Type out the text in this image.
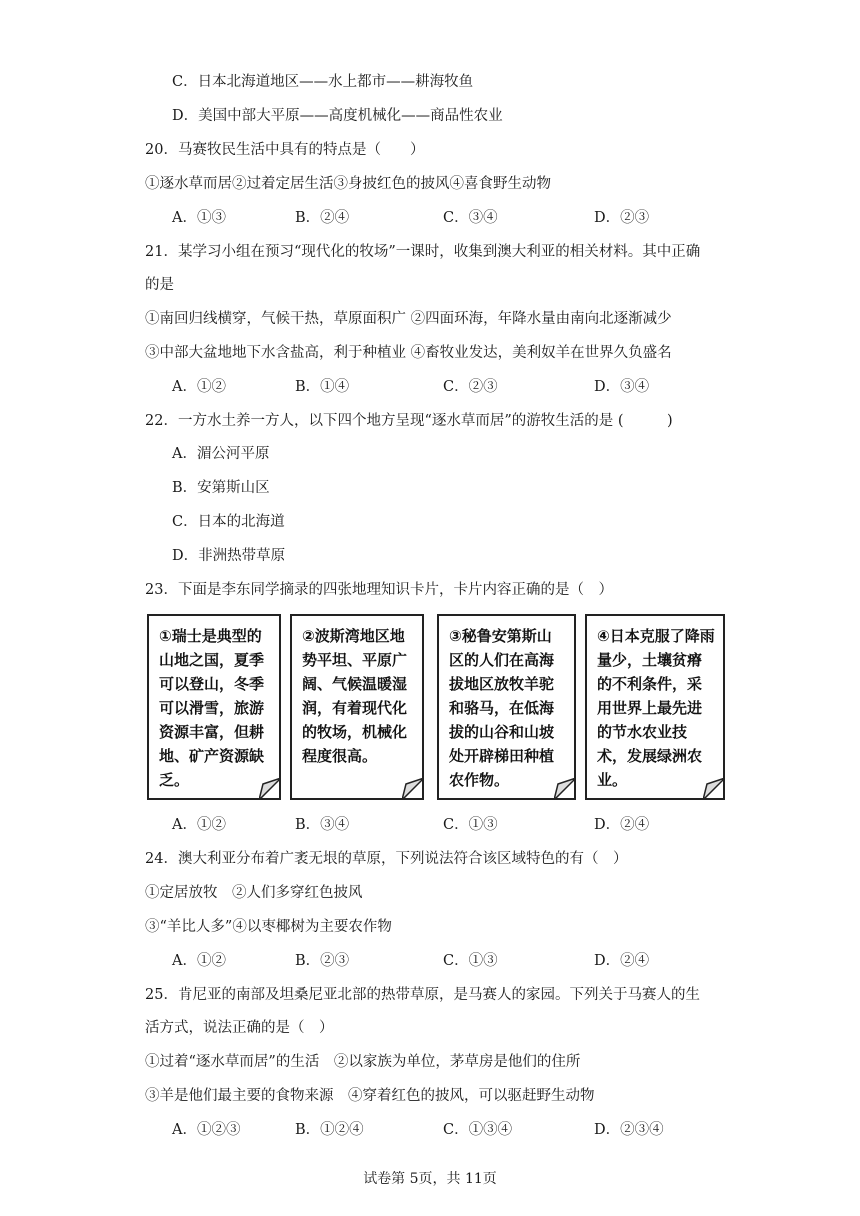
C．日本北海道地区——水上都市——耕海牧鱼
D．美国中部大平原——高度机械化——商品性农业
20．马赛牧民生活中具有的特点是（　　）
①逐水草而居②过着定居生活③身披红色的披风④喜食野生动物
A．①③	B．②④	C．③④	D．②③
21．某学习小组在预习“现代化的牧场”一课时，收集到澳大利亚的相关材料。其中正确
的是
①南回归线横穿，气候干热，草原面积广 ②四面环海，年降水量由南向北逐渐减少
③中部大盆地地下水含盐高，利于种植业 ④畜牧业发达，美利奴羊在世界久负盛名
A．①②	B．①④	C．②③	D．③④
22．一方水土养一方人，以下四个地方呈现“逐水草而居”的游牧生活的是 (　　　)
A．湄公河平原
B．安第斯山区
C．日本的北海道
D．非洲热带草原
23．下面是李东同学摘录的四张地理知识卡片，卡片内容正确的是（　）
①瑞士是典型的山地之国，夏季可以登山，冬季可以滑雪，旅游资源丰富，但耕地、矿产资源缺乏。
②波斯湾地区地势平坦、平原广阔、气候温暖湿润，有着现代化的牧场，机械化程度很高。
③秘鲁安第斯山区的人们在高海拔地区放牧羊驼和骆马，在低海拔的山谷和山坡处开辟梯田种植农作物。
④日本克服了降雨量少，土壤贫瘠的不利条件，采用世界上最先进的节水农业技术，发展绿洲农业。
A．①②	B．③④	C．①③	D．②④
24．澳大利亚分布着广袤无垠的草原，下列说法符合该区域特色的有（　）
①定居放牧　②人们多穿红色披风
③“羊比人多”④以枣椰树为主要农作物
A．①②	B．②③	C．①③	D．②④
25．肯尼亚的南部及坦桑尼亚北部的热带草原，是马赛人的家园。下列关于马赛人的生
活方式，说法正确的是（　）
①过着“逐水草而居”的生活　②以家族为单位，茅草房是他们的住所
③羊是他们最主要的食物来源　④穿着红色的披风，可以驱赶野生动物
A．①②③	B．①②④	C．①③④	D．②③④
试卷第 5页，共 11页
